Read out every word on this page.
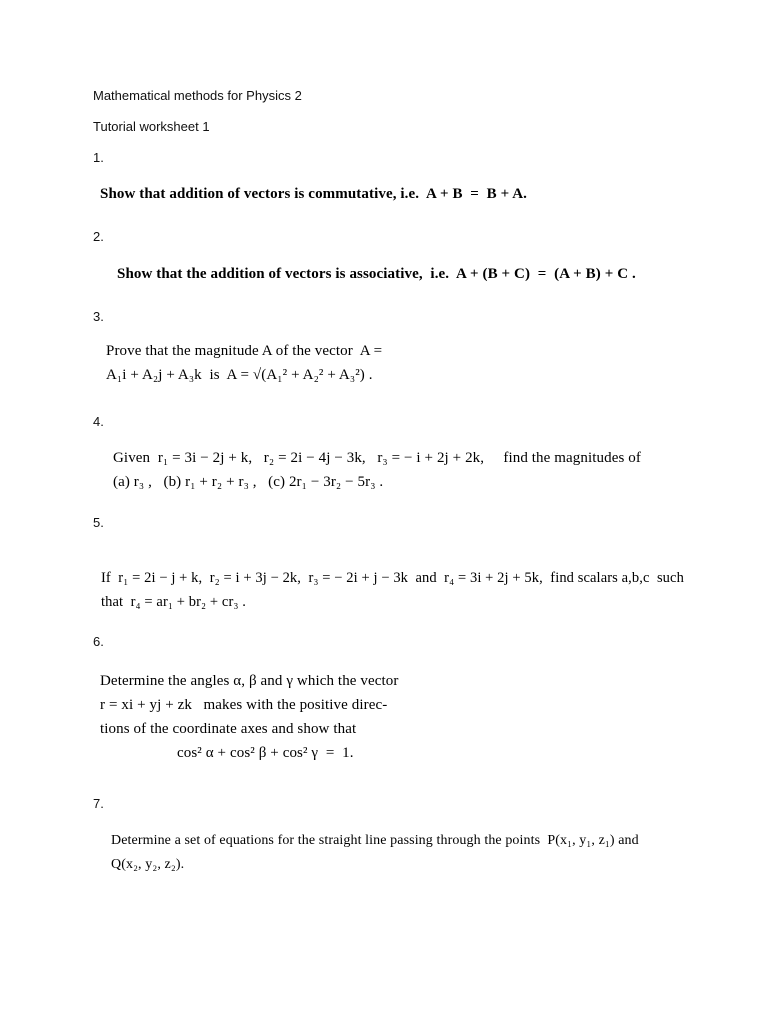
Mathematical methods for Physics 2
Tutorial worksheet 1
1.
Show that addition of vectors is commutative, i.e.  A + B  =  B + A.
2.
Show that the addition of vectors is associative,  i.e.  A + (B + C)  =  (A + B) + C .
3.
Prove that the magnitude A of the vector  A =
A₁i + A₂j + A₃k  is  A = √(A₁² + A₂² + A₃²) .
4.
Given  r₁ = 3i − 2j + k,   r₂ = 2i − 4j − 3k,   r₃ = − i + 2j + 2k,     find the magnitudes of
(a) r₃ ,   (b) r₁ + r₂ + r₃ ,   (c) 2r₁ − 3r₂ − 5r₃ .
5.
If  r₁ = 2i − j + k,  r₂ = i + 3j − 2k,  r₃ = − 2i + j − 3k  and  r₄ = 3i + 2j + 5k,  find scalars a,b,c  such
that  r₄ = ar₁ + br₂ + cr₃ .
6.
Determine the angles α, β and γ which the vector
r = xi + yj + zk   makes with the positive direc-
tions of the coordinate axes and show that
cos² α + cos² β + cos² γ  =  1.
7.
Determine a set of equations for the straight line passing through the points  P(x₁, y₁, z₁) and
Q(x₂, y₂, z₂).
